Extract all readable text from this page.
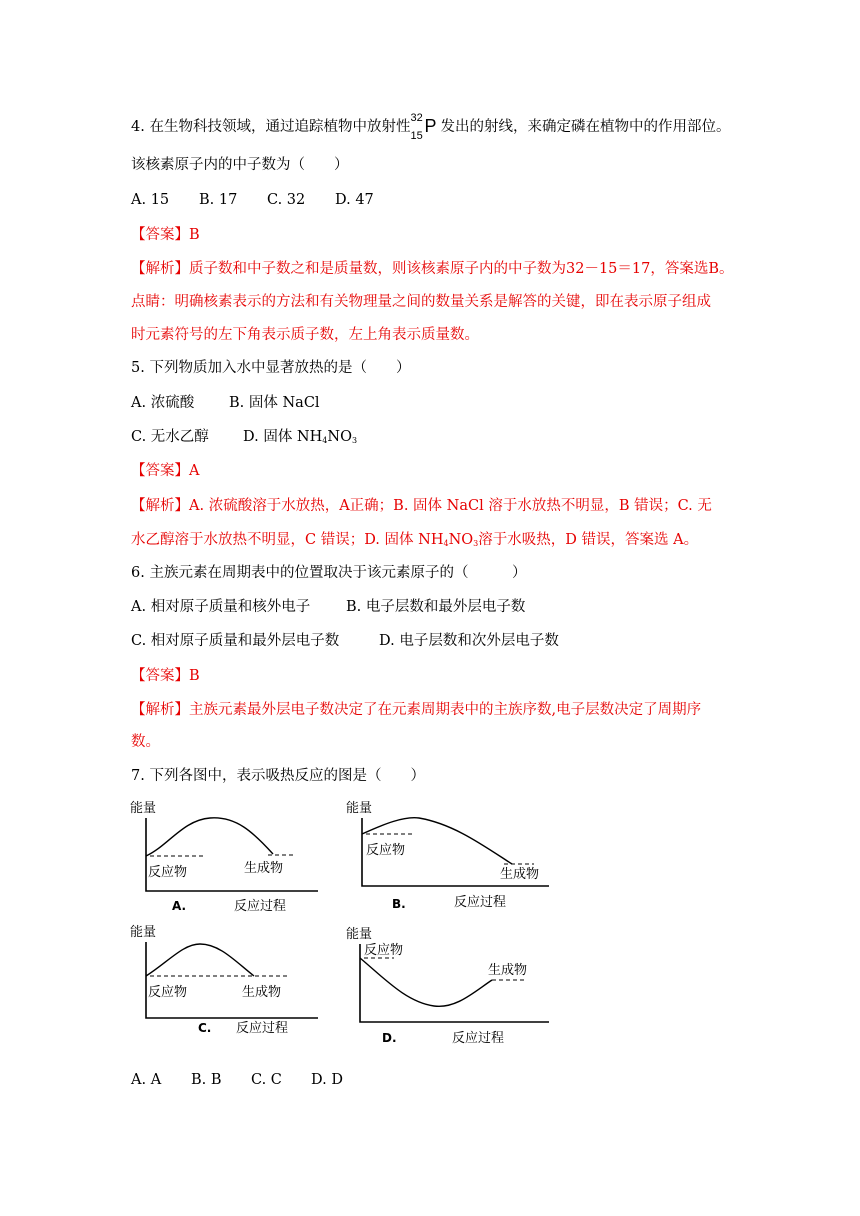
4. 在生物科技领域，通过追踪植物中放射性
32
15 P 发出的射线，来确定磷在植物中的作用部位。
该核素原子内的中子数为（　　）
A. 15 B. 17 C. 32 D. 47
【答案】B
【解析】质子数和中子数之和是质量数，则该核素原子内的中子数为32－15＝17，答案选B。
点睛：明确核素表示的方法和有关物理量之间的数量关系是解答的关键，即在表示原子组成
时元素符号的左下角表示质子数，左上角表示质量数。
5. 下列物质加入水中显著放热的是（　　）
A. 浓硫酸 B. 固体 NaCl
C. 无水乙醇 D. 固体 $NH_4NO_3$
【答案】A
【解析】A. 浓硫酸溶于水放热，A正确；B. 固体 NaCl 溶于水放热不明显，B 错误；C. 无
水乙醇溶于水放热不明显，C 错误；D. 固体 $NH_4NO_3$溶于水吸热，D 错误，答案选 A。
6. 主族元素在周期表中的位置取决于该元素原子的（　　　）
A. 相对原子质量和核外电子 B. 电子层数和最外层电子数
C. 相对原子质量和最外层电子数	D. 电子层数和次外层电子数
【答案】B
【解析】主族元素最外层电子数决定了在元素周期表中的主族序数,电子层数决定了周期序
数。
7. 下列各图中，表示吸热反应的图是（　　）
能量
反应物	生成物
A.	反应过程
能量
反应物
生成物
B.	反应过程
能量
反应物	生成物
C. 反应过程
能量
反应物
生成物
D.	反应过程
A. A B. B C. C D. D
